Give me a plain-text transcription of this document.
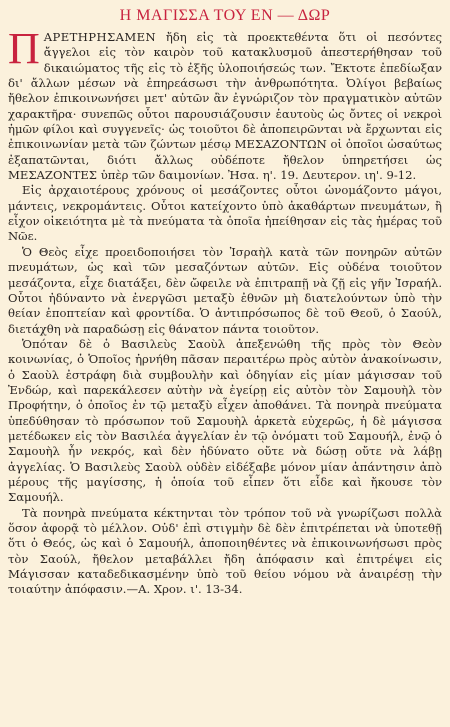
Η ΜΑΓΙΣΣΑ ΤΟΥ ΕΝ — ΔΩΡ

ΠΑΡΕΤΗΡΗΣΑΜΕΝ ἤδη εἰς τὰ προεκτεθέντα ὅτι οἱ πεσόντες ἄγγελοι εἰς τὸν καιρὸν τοῦ κατακλυσμοῦ ἀπεστερήθησαν τοῦ δικαιώματος τῆς εἰς τὸ ἐξῆς ὑλοποιήσεώς των. Ἔκτοτε ἐπεδίωξαν δι' ἄλλων μέσων νὰ ἐπηρεάσωσι τὴν ἀνθρωπότητα. Ὀλίγοι βεβαίως ἤθελον ἐπικοινωνήσει μετ' αὐτῶν ἂν ἐγνώριζον τὸν πραγματικὸν αὐτῶν χαρακτῆρα· συνεπῶς οὗτοι παρουσιάζουσιν ἑαυτοὺς ὡς ὄντες οἱ νεκροὶ ἡμῶν φίλοι καὶ συγγενεῖς· ὡς τοιοῦτοι δὲ ἀποπειρῶνται νὰ ἔρχωνται εἰς ἐπικοινωνίαν μετὰ τῶν ζώντων μέσῳ ΜΕΣΑΖΟΝΤΩΝ οἱ ὁποῖοι ὡσαύτως ἐξαπατῶνται, διότι ἄλλως οὐδέποτε ἤθελον ὑπηρετήσει ὡς ΜΕΣΑΖΟΝΤΕΣ ὑπὲρ τῶν δαιμονίων. Ἠσα. η'. 19. Δευτερον. ιη'. 9-12.

Εἰς ἀρχαιοτέρους χρόνους οἱ μεσάζοντες οὗτοι ὠνομάζοντο μάγοι, μάντεις, νεκρομάντεις. Οὗτοι κατείχοντο ὑπὸ ἀκαθάρτων πνευμάτων, ἢ εἶχον οἰκειότητα μὲ τὰ πνεύματα τὰ ὁποῖα ἠπείθησαν εἰς τὰς ἡμέρας τοῦ Νῶε.

Ὁ Θεὸς εἶχε προειδοποιήσει τὸν Ἰσραὴλ κατὰ τῶν πονηρῶν αὐτῶν πνευμάτων, ὡς καὶ τῶν μεσαζόντων αὐτῶν. Εἰς οὐδένα τοιοῦτον μεσάζοντα, εἶχε διατάξει, δὲν ὤφειλε νὰ ἐπιτραπῇ νὰ ζῇ εἰς γῆν Ἰσραήλ. Οὗτοι ἠδύναντο νὰ ἐνεργῶσι μεταξὺ ἐθνῶν μὴ διατελούντων ὑπὸ τὴν θείαν ἐποπτείαν καὶ φροντίδα. Ὁ ἀντιπρόσωπος δὲ τοῦ Θεοῦ, ὁ Σαούλ, διετάχθη νὰ παραδώσῃ εἰς θάνατον πάντα τοιοῦτον.

Ὁπόταν δὲ ὁ Βασιλεὺς Σαοὺλ ἀπεξενώθη τῆς πρὸς τὸν Θεὸν κοινωνίας, ὁ Ὁποῖος ἠρνήθη πᾶσαν περαιτέρω πρὸς αὐτὸν ἀνακοίνωσιν, ὁ Σαοὺλ ἐστράφη διὰ συμβουλὴν καὶ ὁδηγίαν εἰς μίαν μάγισσαν τοῦ Ἐνδώρ, καὶ παρεκάλεσεν αὐτὴν νὰ ἐγείρῃ εἰς αὐτὸν τὸν Σαμουὴλ τὸν Προφήτην, ὁ ὁποῖος ἐν τῷ μεταξὺ εἶχεν ἀποθάνει. Τὰ πονηρὰ πνεύματα ὑπεδύθησαν τὸ πρόσωπον τοῦ Σαμουὴλ ἀρκετὰ εὐχερῶς, ἡ δὲ μάγισσα μετέδωκεν εἰς τὸν Βασιλέα ἀγγελίαν ἐν τῷ ὀνόματι τοῦ Σαμουήλ, ἐνῷ ὁ Σαμουὴλ ἦν νεκρός, καὶ δὲν ἠδύνατο οὔτε νὰ δώσῃ οὔτε νὰ λάβῃ ἀγγελίας. Ὁ Βασιλεὺς Σαοὺλ οὐδὲν εἰδέξαβε μόνον μίαν ἀπάντησιν ἀπὸ μέρους τῆς μαγίσσης, ἡ ὁποία τοῦ εἶπεν ὅτι εἶδε καὶ ἤκουσε τὸν Σαμουήλ.

Τὰ πονηρὰ πνεύματα κέκτηνται τὸν τρόπον τοῦ νὰ γνωρίζωσι πολλὰ ὅσον ἀφορᾷ τὸ μέλλον. Οὐδ' ἐπὶ στιγμὴν δὲ δὲν ἐπιτρέπεται νὰ ὑποτεθῇ ὅτι ὁ Θεός, ὡς καὶ ὁ Σαμουήλ, ἀποποιηθέντες νὰ ἐπικοινωνήσωσι πρὸς τὸν Σαούλ, ἤθελον μεταβάλλει ἤδη ἀπόφασιν καὶ ἐπιτρέψει εἰς Μάγισσαν καταδεδικασμένην ὑπὸ τοῦ θείου νόμου νὰ ἀναιρέσῃ τὴν τοιαύτην ἀπόφασιν.—Α. Χρον. ι'. 13-34.
